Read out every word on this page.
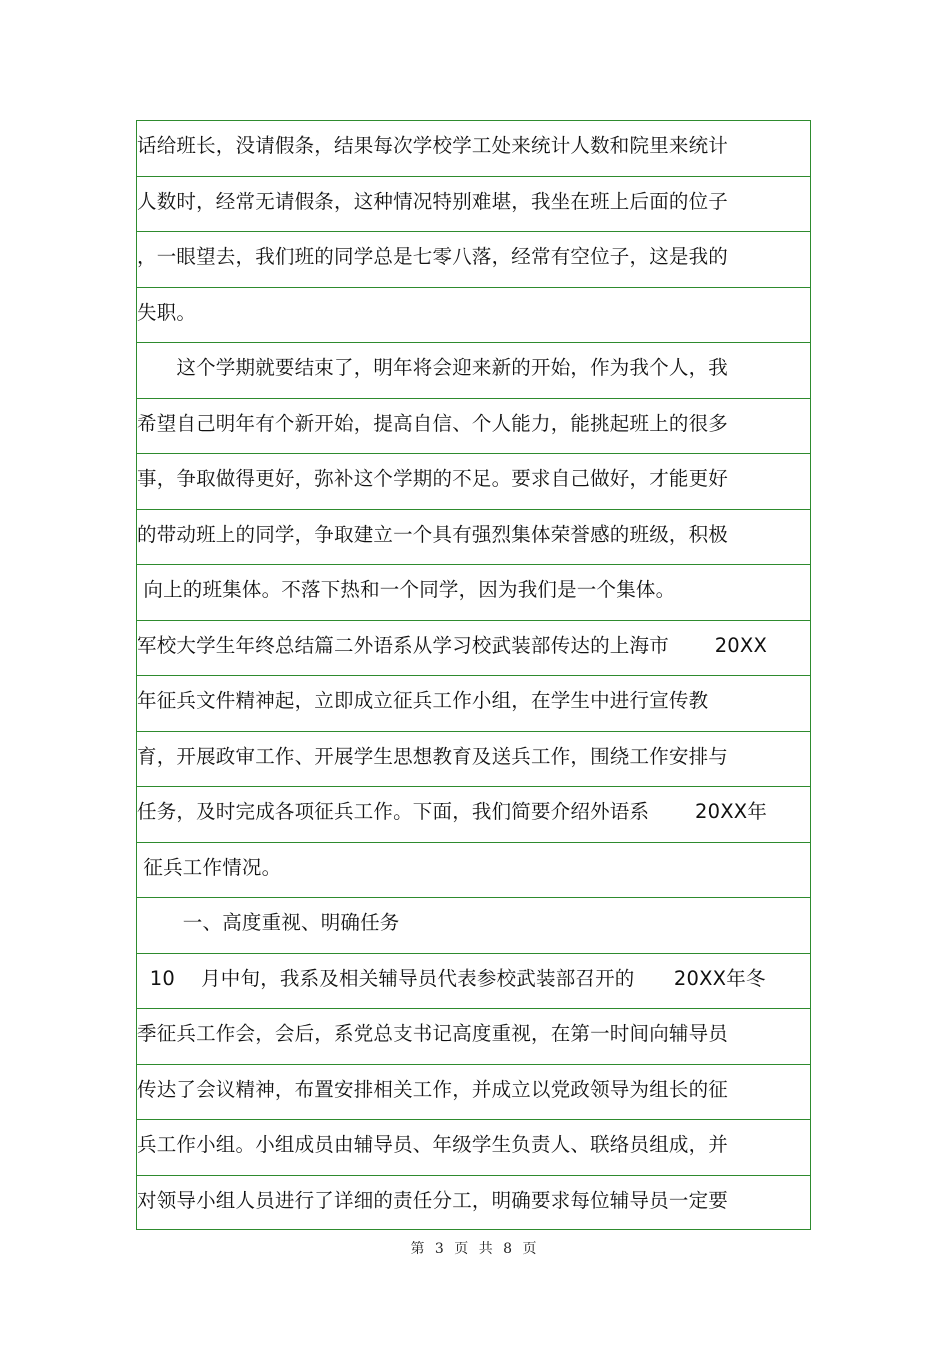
话给班长，没请假条，结果每次学校学工处来统计人数和院里来统计
人数时，经常无请假条，这种情况特别难堪，我坐在班上后面的位子
，一眼望去，我们班的同学总是七零八落，经常有空位子，这是我的
失职。
　　这个学期就要结束了，明年将会迎来新的开始，作为我个人，我
希望自己明年有个新开始，提高自信、个人能力，能挑起班上的很多
事，争取做得更好，弥补这个学期的不足。要求自己做好，才能更好
的带动班上的同学，争取建立一个具有强烈集体荣誉感的班级，积极
向上的班集体。不落下热和一个同学，因为我们是一个集体。
军校大学生年终总结篇二外语系从学习校武装部传达的上海市　　 20XX
年征兵文件精神起，立即成立征兵工作小组，在学生中进行宣传教
育，开展政审工作、开展学生思想教育及送兵工作，围绕工作安排与
任务，及时完成各项征兵工作。下面，我们简要介绍外语系　　 20XX年
征兵工作情况。
　　 一、高度重视、明确任务
10　 月中旬，我系及相关辅导员代表参校武装部召开的　　20XX年冬
季征兵工作会，会后，系党总支书记高度重视，在第一时间向辅导员
传达了会议精神，布置安排相关工作，并成立以党政领导为组长的征
兵工作小组。小组成员由辅导员、年级学生负责人、联络员组成，并
对领导小组人员进行了详细的责任分工，明确要求每位辅导员一定要
第 3 页 共 8 页
